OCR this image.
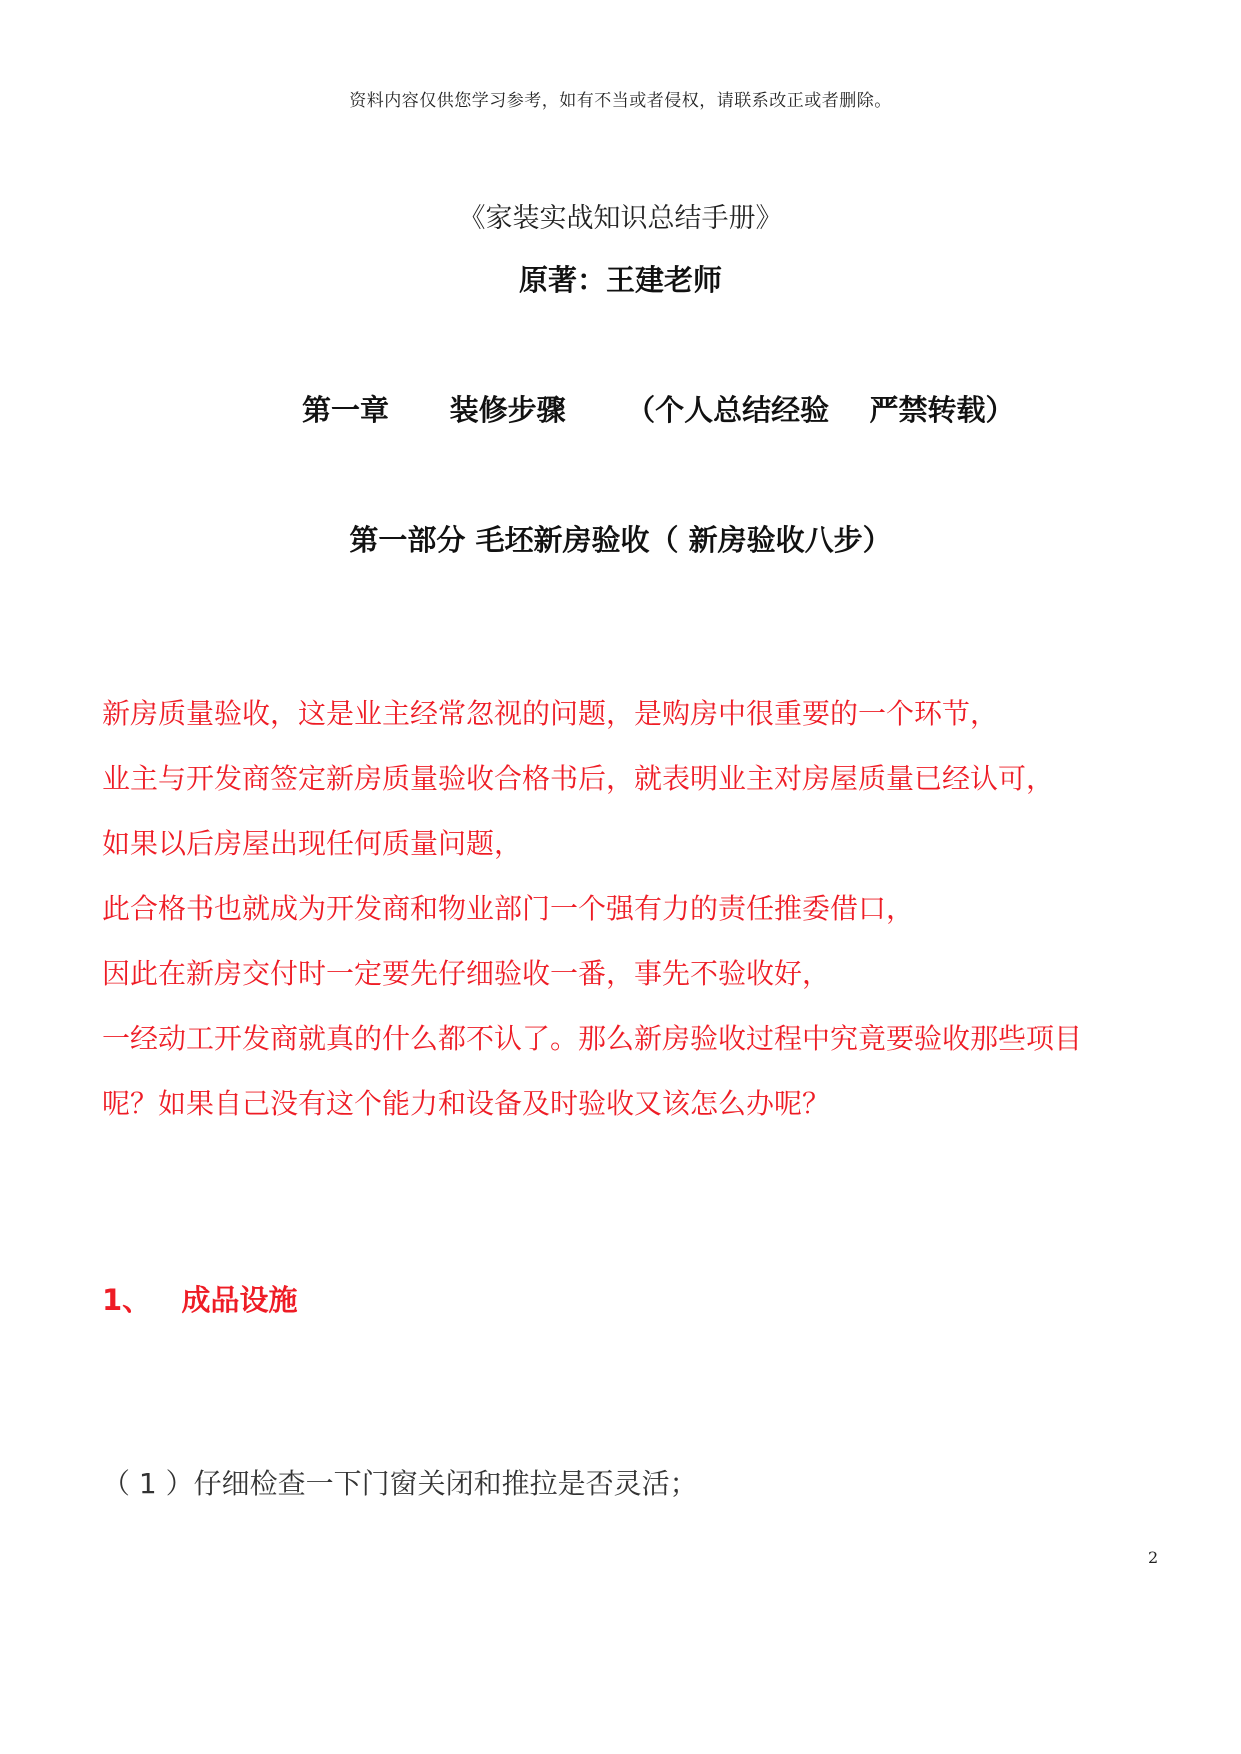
资料内容仅供您学习参考，如有不当或者侵权，请联系改正或者删除。
《家装实战知识总结手册》
原著：王建老师
第一章      装修步骤      （个人总结经验    严禁转载）
第一部分 毛坯新房验收（ 新房验收八步）

新房质量验收，这是业主经常忽视的问题，是购房中很重要的一个环节，

业主与开发商签定新房质量验收合格书后，就表明业主对房屋质量已经认可，

如果以后房屋出现任何质量问题，

此合格书也就成为开发商和物业部门一个强有力的责任推委借口，

因此在新房交付时一定要先仔细验收一番，事先不验收好，

一经动工开发商就真的什么都不认了。那么新房验收过程中究竟要验收那些项目

呢？如果自己没有这个能力和设备及时验收又该怎么办呢？

1、   成品设施
（ 1 ）仔细检查一下门窗关闭和推拉是否灵活；
2
